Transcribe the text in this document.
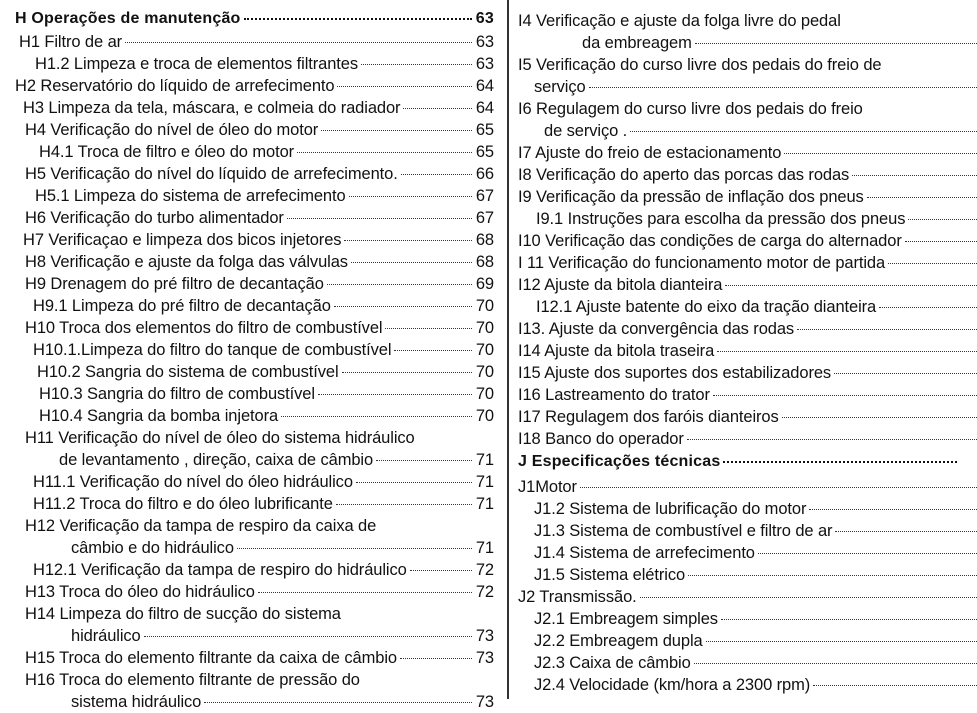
H Operações de manutenção	63
H1 Filtro de ar	63
H1.2 Limpeza e troca de elementos filtrantes	63
H2 Reservatório do líquido de arrefecimento	64
H3 Limpeza da tela, máscara, e colmeia do radiador	64
H4 Verificação do nível de óleo do motor	65
H4.1 Troca de filtro e óleo do motor	65
H5 Verificação do nível do líquido de arrefecimento.	66
H5.1 Limpeza do sistema de arrefecimento	67
H6 Verificação do turbo alimentador	67
H7 Verificaçao e limpeza dos bicos injetores	68
H8 Verificação e ajuste da folga das válvulas	68
H9 Drenagem do pré filtro de decantação	69
H9.1 Limpeza do pré filtro de decantação	70
H10 Troca dos elementos do filtro de combustível	70
H10.1.Limpeza do filtro do tanque de combustível	70
H10.2 Sangria do sistema de combustível	70
H10.3 Sangria do filtro de combustível	70
H10.4 Sangria da bomba injetora	70
H11 Verificação do nível de óleo do sistema hidráulico
de levantamento , direção, caixa de câmbio	71
H11.1 Verificação do nível do óleo hidráulico	71
H11.2 Troca do filtro e do óleo lubrificante	71
H12 Verificação da tampa de respiro da caixa de
câmbio e do hidráulico	71
H12.1 Verificação da tampa de respiro do hidráulico	72
H13 Troca do óleo do hidráulico	72
H14 Limpeza do filtro de sucção do sistema
hidráulico	73
H15 Troca do elemento filtrante da caixa de câmbio	73
H16 Troca do elemento filtrante de pressão do
sistema hidráulico	73
I4 Verificação e ajuste da folga livre do pedal
da embreagem
I5 Verificação do curso livre dos pedais do freio de
serviço
I6 Regulagem do curso livre dos pedais do freio
de serviço .
I7 Ajuste do freio de estacionamento
I8 Verificação do aperto das porcas das rodas
I9 Verificação da pressão de inflação dos pneus
I9.1 Instruções para escolha da pressão dos pneus
I10 Verificação das condições de carga do alternador
I 11 Verificação do funcionamento motor de partida
I12 Ajuste da bitola dianteira
I12.1 Ajuste batente do eixo da tração dianteira
I13. Ajuste da convergência das rodas
I14 Ajuste da bitola traseira
I15 Ajuste dos suportes dos estabilizadores
I16 Lastreamento do trator
I17 Regulagem dos faróis dianteiros
I18 Banco do operador
J Especificações técnicas
J1Motor
J1.2 Sistema de lubrificação do motor
J1.3 Sistema de combustível e filtro de ar
J1.4 Sistema de arrefecimento
J1.5 Sistema elétrico
J2 Transmissão.
J2.1 Embreagem simples
J2.2 Embreagem dupla
J2.3 Caixa de câmbio
J2.4 Velocidade (km/hora a 2300 rpm)
